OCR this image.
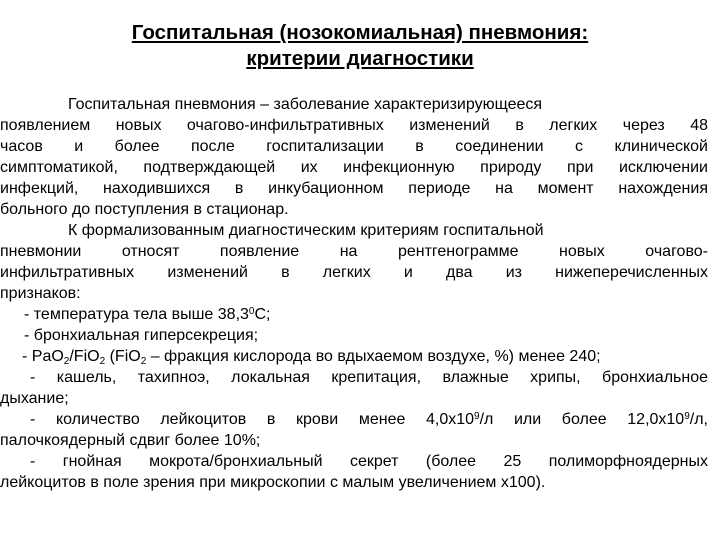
Госпитальная (нозокомиальная) пневмония:
критерии диагностики
Госпитальная пневмония – заболевание характеризирующееся
появлением новых очагово-инфильтративных изменений в легких через 48
часов и более после госпитализации в соединении с клинической
симптоматикой, подтверждающей их инфекционную природу при исключении
инфекций, находившихся в инкубационном периоде на момент нахождения
больного до поступления в стационар.
К формализованным диагностическим критериям госпитальной
пневмонии относят появление на рентгенограмме новых очагово-
инфильтративных изменений в легких и два из нижеперечисленных
признаков:
- температура тела выше 38,3$^0$С;
- бронхиальная гиперсекреция;
- PaO$_2$/FiO$_2$ (FiO$_2$ – фракция кислорода во вдыхаемом воздухе, %) менее 240;
- кашель, тахипноэ, локальная крепитация, влажные хрипы, бронхиальное
дыхание;
- количество лейкоцитов в крови менее $4,0х10^9/л$ или более $12,0х10^9/л$,
палочкоядерный сдвиг более 10%;
- гнойная мокрота/бронхиальный секрет (более 25 полиморфноядерных
лейкоцитов в поле зрения при микроскопии с малым увеличением х100).
